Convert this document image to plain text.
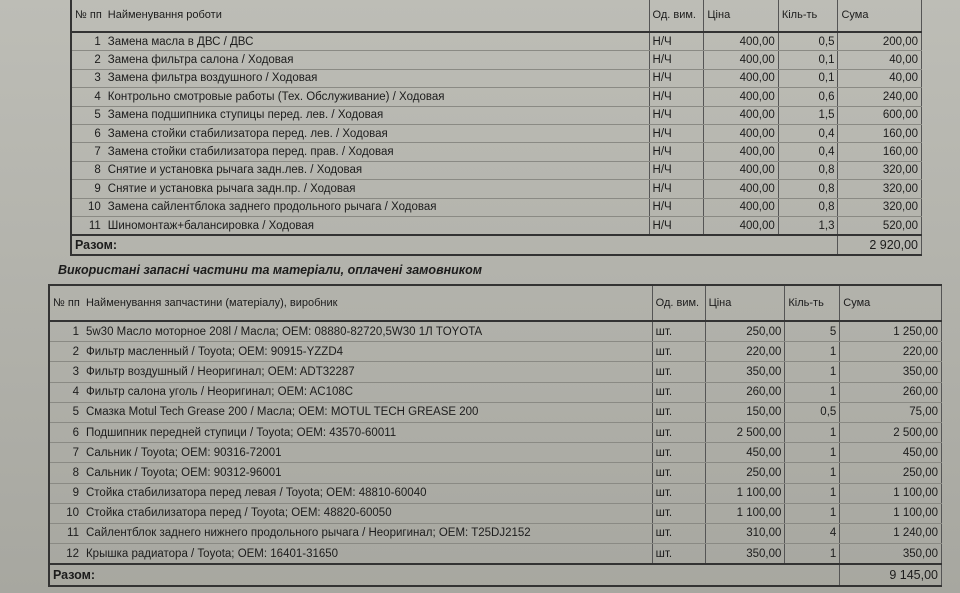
№ пп	Найменування роботи	Од. вим.	Ціна	Кіль-ть	Сума
1	Замена масла в ДВС / ДВС	Н/Ч	400,00	0,5	200,00
2	Замена фильтра салона / Ходовая	Н/Ч	400,00	0,1	40,00
3	Замена фильтра воздушного / Ходовая	Н/Ч	400,00	0,1	40,00
4	Контрольно смотровые работы (Тех. Обслуживание) / Ходовая	Н/Ч	400,00	0,6	240,00
5	Замена подшипника ступицы перед. лев. / Ходовая	Н/Ч	400,00	1,5	600,00
6	Замена стойки стабилизатора перед. лев. / Ходовая	Н/Ч	400,00	0,4	160,00
7	Замена стойки стабилизатора перед. прав. / Ходовая	Н/Ч	400,00	0,4	160,00
8	Снятие и установка рычага задн.лев. / Ходовая	Н/Ч	400,00	0,8	320,00
9	Снятие и установка рычага задн.пр. / Ходовая	Н/Ч	400,00	0,8	320,00
10	Замена сайлентблока заднего продольного рычага / Ходовая	Н/Ч	400,00	0,8	320,00
11	Шиномонтаж+балансировка / Ходовая	Н/Ч	400,00	1,3	520,00
Разом:					2 920,00
Використані запасні частини та матеріали, оплачені замовником
№ пп	Найменування запчастини (матеріалу), виробник	Од. вим.	Ціна	Кіль-ть	Сума
1	5w30 Масло моторное 208l / Масла; OEM: 08880-82720,5W30 1Л TOYOTA	шт.	250,00	5	1 250,00
2	Фильтр масленный / Toyota; OEM: 90915-YZZD4	шт.	220,00	1	220,00
3	Фильтр воздушный / Неоригинал; OEM: ADT32287	шт.	350,00	1	350,00
4	Фильтр салона уголь / Неоригинал; OEM: AC108C	шт.	260,00	1	260,00
5	Смазка Motul Tech Grease 200 / Масла; OEM: MOTUL TECH GREASE 200	шт.	150,00	0,5	75,00
6	Подшипник передней ступици / Toyota; OEM: 43570-60011	шт.	2 500,00	1	2 500,00
7	Сальник / Toyota; OEM: 90316-72001	шт.	450,00	1	450,00
8	Сальник / Toyota; OEM: 90312-96001	шт.	250,00	1	250,00
9	Стойка стабилизатора перед левая / Toyota; OEM: 48810-60040	шт.	1 100,00	1	1 100,00
10	Стойка стабилизатора перед / Toyota; OEM: 48820-60050	шт.	1 100,00	1	1 100,00
11	Сайлентблок заднего нижнего продольного рычага / Неоригинал; OEM: T25DJ2152	шт.	310,00	4	1 240,00
12	Крышка радиатора / Toyota; OEM: 16401-31650	шт.	350,00	1	350,00
Разом:					9 145,00
